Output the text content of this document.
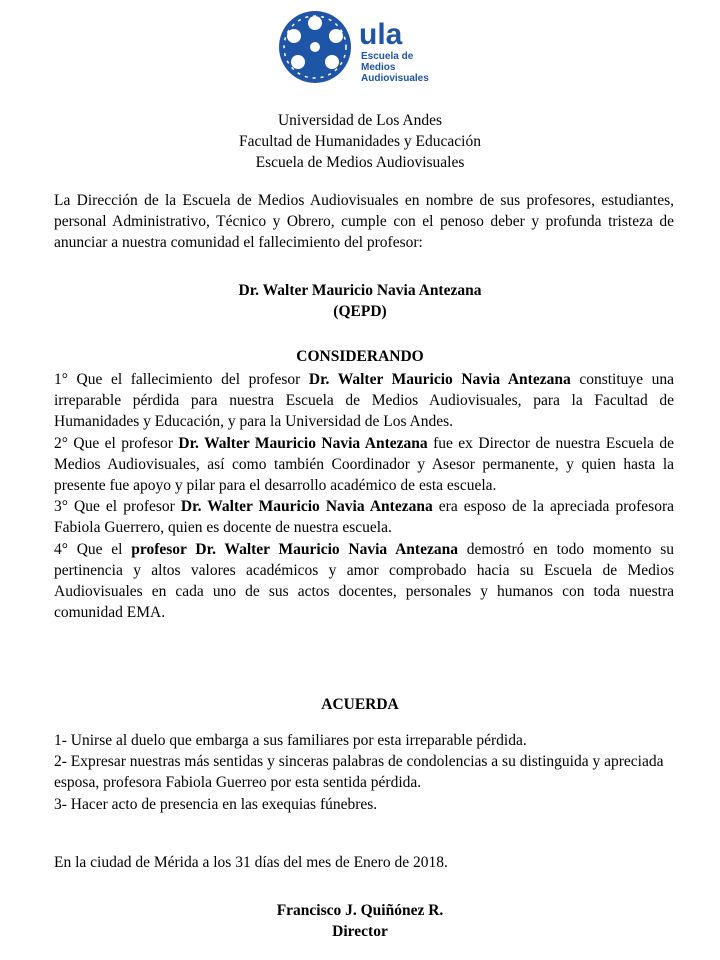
ula
Escuela de
Medios
Audiovisuales
Universidad de Los Andes
Facultad de Humanidades y Educación
Escuela de Medios Audiovisuales
La Dirección de la Escuela de Medios Audiovisuales en nombre de sus profesores, estudiantes, personal Administrativo, Técnico y Obrero, cumple con el penoso deber y profunda tristeza de anunciar a nuestra comunidad el fallecimiento del profesor:
Dr. Walter Mauricio Navia Antezana
(QEPD)
CONSIDERANDO
1° Que el fallecimiento del profesor Dr. Walter Mauricio Navia Antezana constituye una irreparable pérdida para nuestra Escuela de Medios Audiovisuales, para la Facultad de Humanidades y Educación, y para la Universidad de Los Andes.
2° Que el profesor Dr. Walter Mauricio Navia Antezana fue ex Director de nuestra Escuela de Medios Audiovisuales, así como también Coordinador y Asesor permanente, y quien hasta la presente fue apoyo y pilar para el desarrollo académico de esta escuela.
3° Que el profesor Dr. Walter Mauricio Navia Antezana era esposo de la apreciada profesora Fabiola Guerrero, quien es docente de nuestra escuela.
4° Que el profesor Dr. Walter Mauricio Navia Antezana demostró en todo momento su pertinencia y altos valores académicos y amor comprobado hacia su Escuela de Medios Audiovisuales en cada uno de sus actos docentes, personales y humanos con toda nuestra comunidad EMA.
ACUERDA
1- Unirse al duelo que embarga a sus familiares por esta irreparable pérdida.
2- Expresar nuestras más sentidas y sinceras palabras de condolencias a su distinguida y apreciada esposa, profesora Fabiola Guerreo por esta sentida pérdida.
3- Hacer acto de presencia en las exequias fúnebres.
En la ciudad de Mérida a los 31 días del mes de Enero de 2018.
Francisco J. Quiñónez R.
Director
